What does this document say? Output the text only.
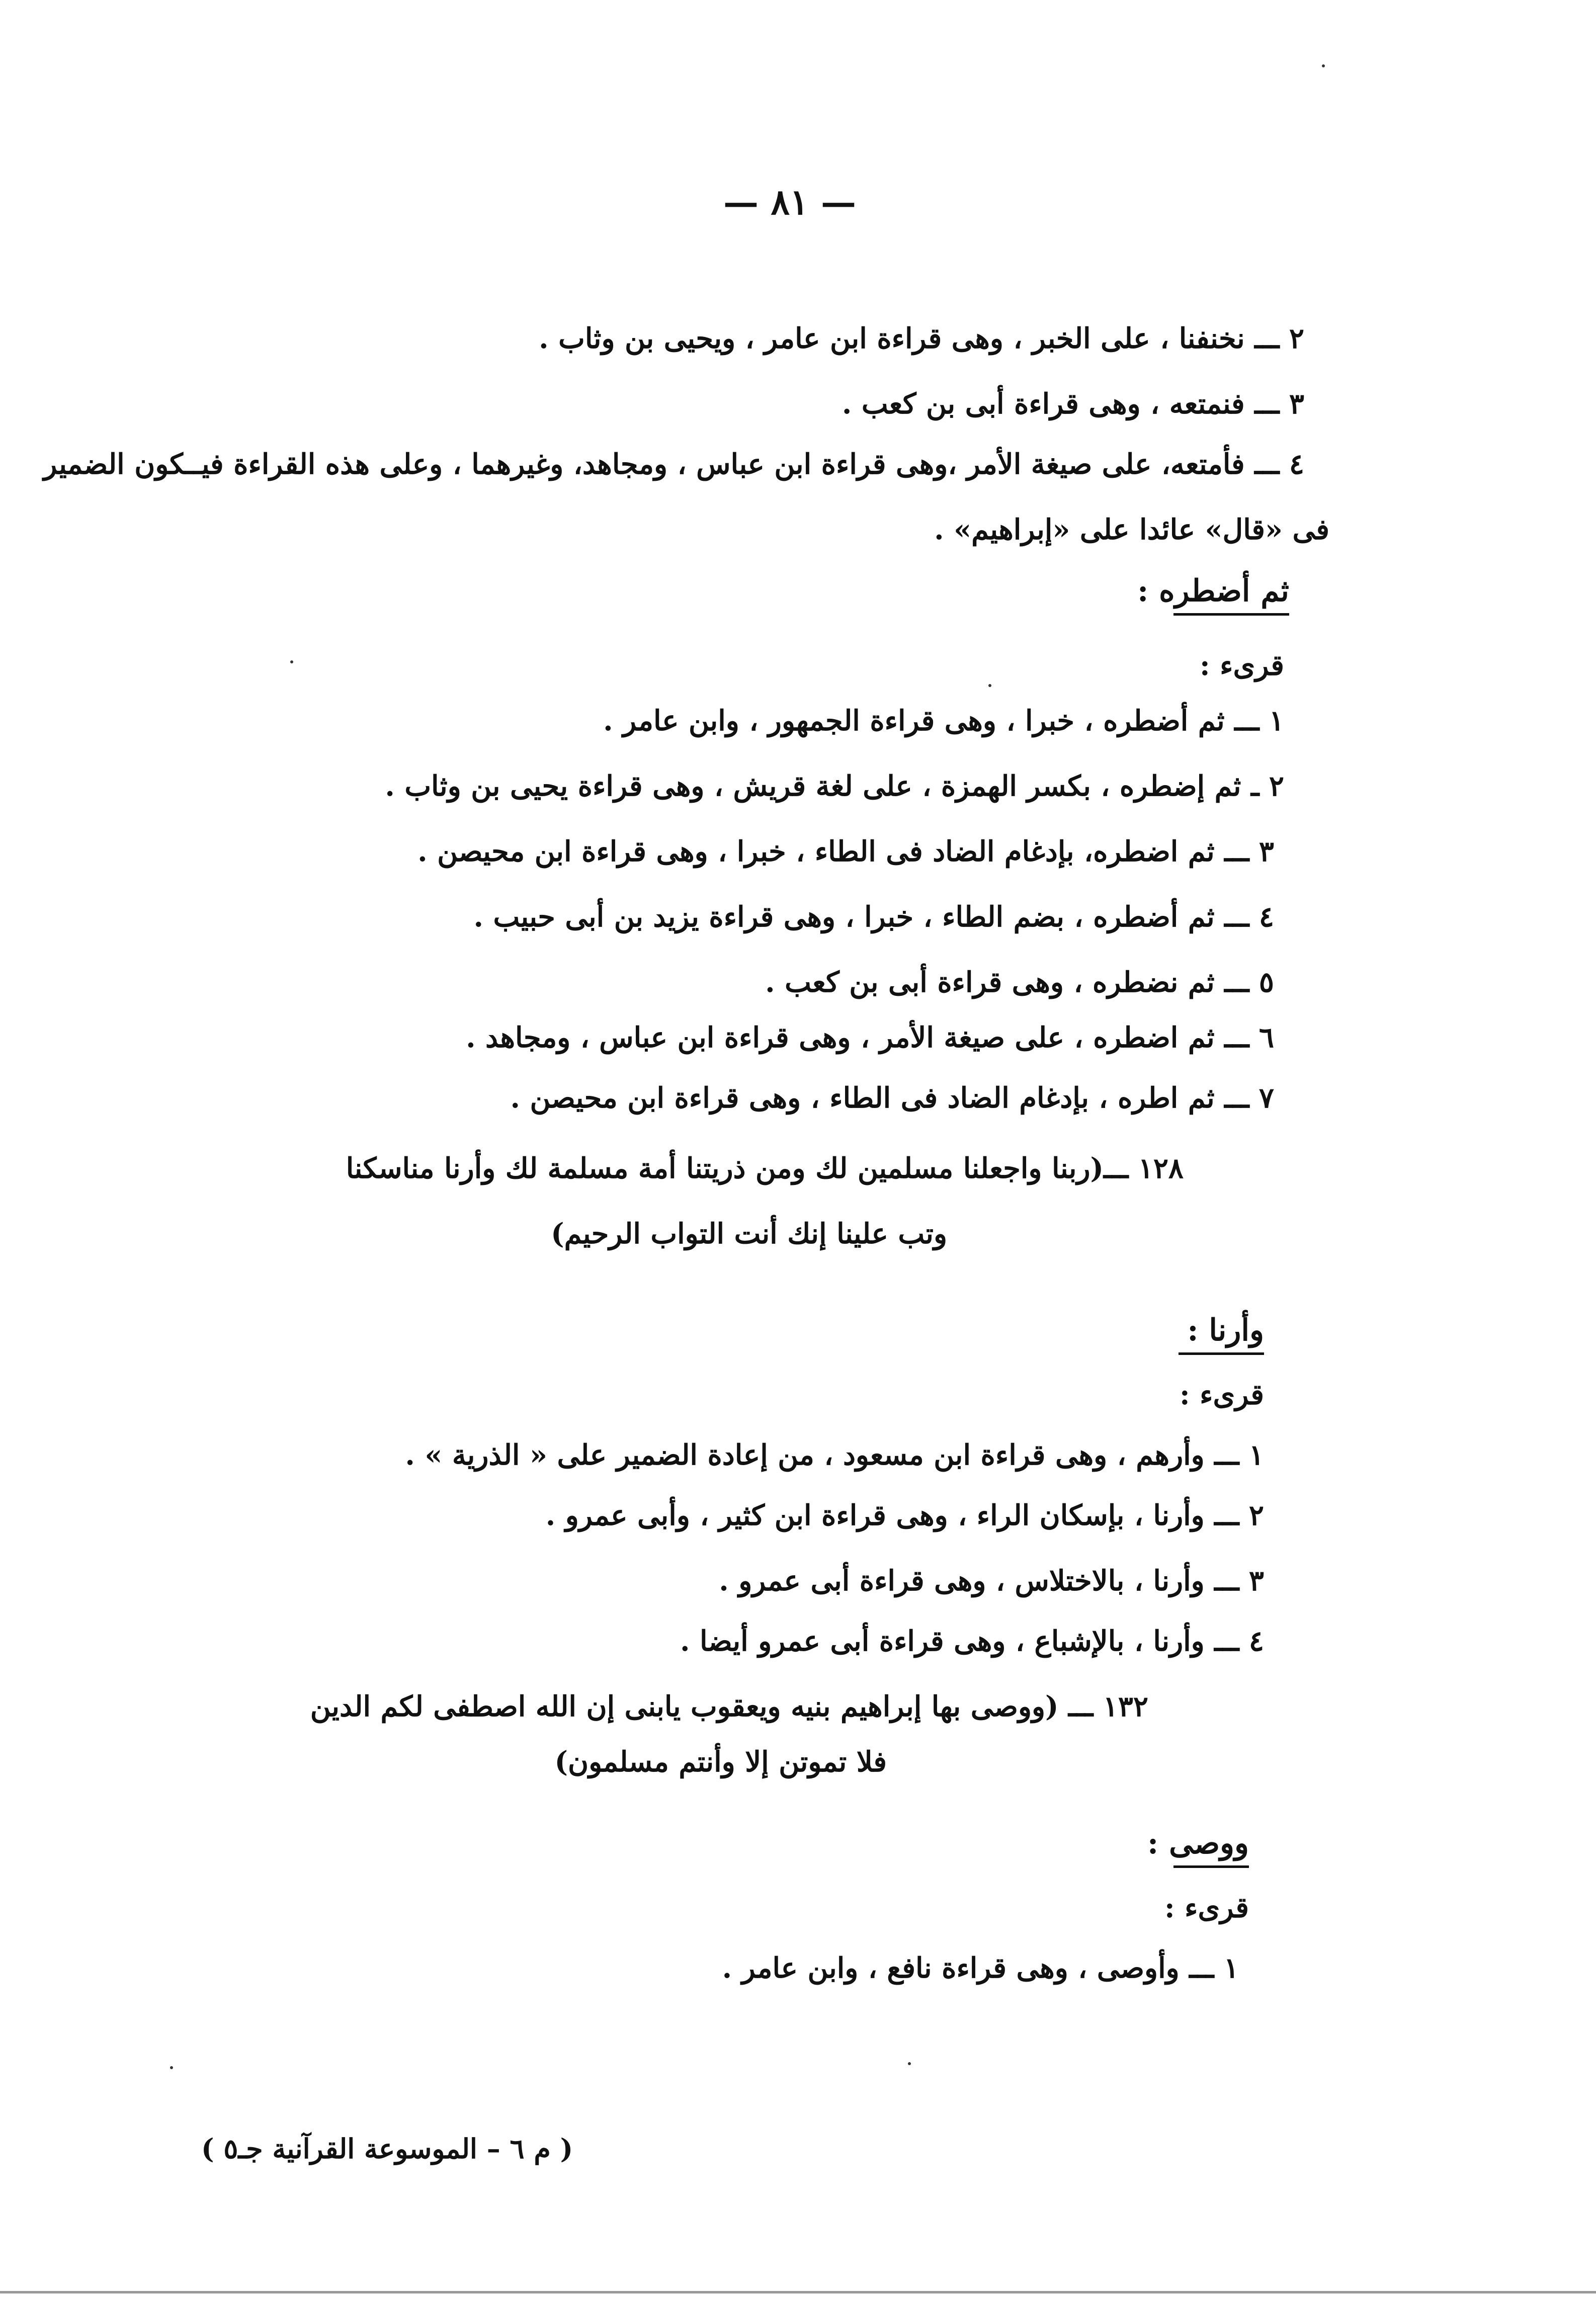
— ٨١ —
٢ ـــ نخنفنا ، على الخبر ، وهى قراءة ابن عامر ، ويحيى بن وثاب .
٣ ـــ فنمتعه ، وهى قراءة أبى بن كعب .
٤ ـــ فأمتعه، على صيغة الأمر ،وهى قراءة ابن عباس ، ومجاهد، وغيرهما ، وعلى هذه القراءة فيــكون الضمير
فى «قال» عائدا على «إبراهيم» .
ثم أضطره :
قرىء :
١ ـــ ثم أضطره ، خبرا ، وهى قراءة الجمهور ، وابن عامر .
٢ ـ ثم إضطره ، بكسر الهمزة ، على لغة قريش ، وهى قراءة يحيى بن وثاب .
٣ ـــ ثم اضطره، بإدغام الضاد فى الطاء ، خبرا ، وهى قراءة ابن محيصن .
٤ ـــ ثم أضطره ، بضم الطاء ، خبرا ، وهى قراءة يزيد بن أبى حبيب .
٥ ـــ ثم نضطره ، وهى قراءة أبى بن كعب .
٦ ـــ ثم اضطره ، على صيغة الأمر ، وهى قراءة ابن عباس ، ومجاهد .
٧ ـــ ثم اطره ، بإدغام الضاد فى الطاء ، وهى قراءة ابن محيصن .
١٢٨ ـــ(ربنا واجعلنا مسلمين لك ومن ذريتنا أمة مسلمة لك وأرنا مناسكنا
وتب علينا إنك أنت التواب الرحيم)
وأرنا :
قرىء :
١ ـــ وأرهم ، وهى قراءة ابن مسعود ، من إعادة الضمير على « الذرية » .
٢ ـــ وأرنا ، بإسكان الراء ، وهى قراءة ابن كثير ، وأبى عمرو .
٣ ـــ وأرنا ، بالاختلاس ، وهى قراءة أبى عمرو .
٤ ـــ وأرنا ، بالإشباع ، وهى قراءة أبى عمرو أيضا .
١٣٢ ـــ (ووصى بها إبراهيم بنيه ويعقوب يابنى إن الله اصطفى لكم الدين
فلا تموتن إلا وأنتم مسلمون)
ووصى :
قرىء :
١ ـــ وأوصى ، وهى قراءة نافع ، وابن عامر .
( م ٦ – الموسوعة القرآنية جـ٥ )
